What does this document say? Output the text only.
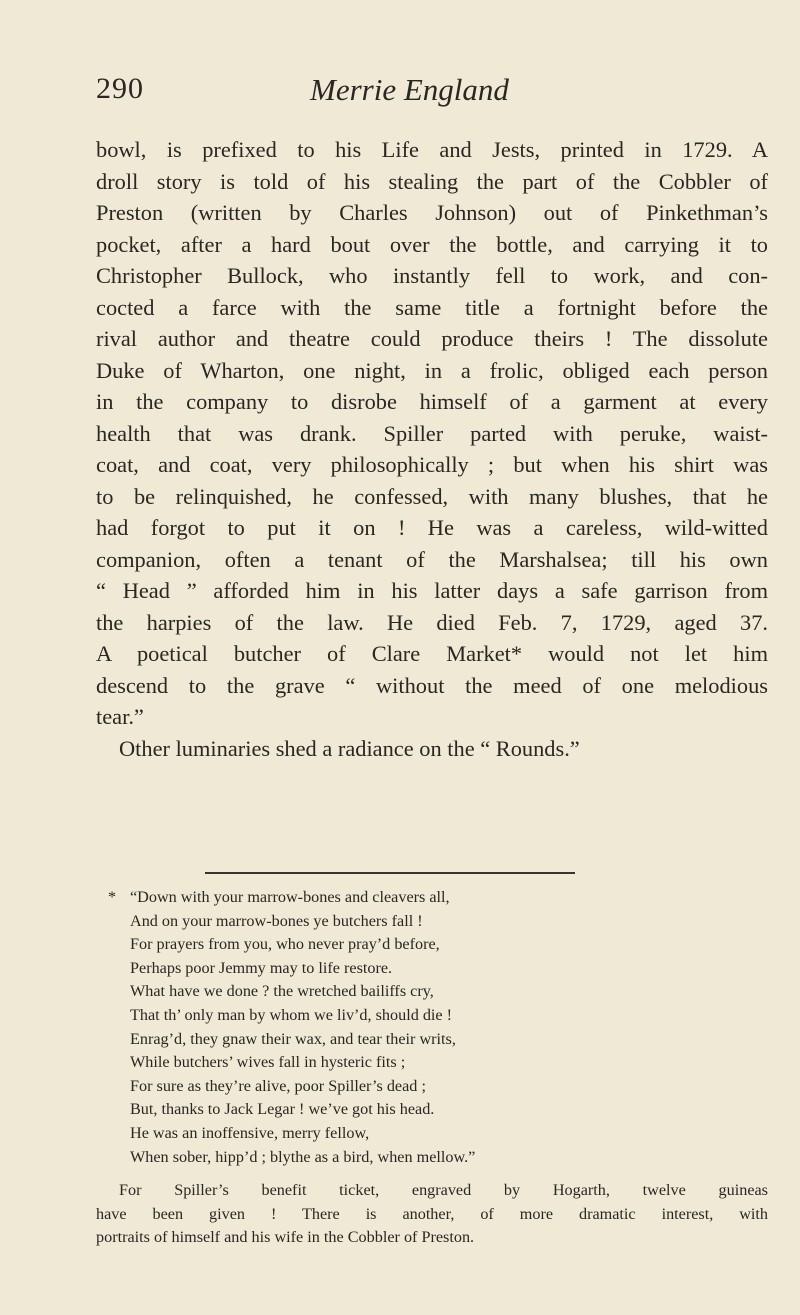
290	Merrie England
bowl, is prefixed to his Life and Jests, printed in 1729. A
droll story is told of his stealing the part of the Cobbler of
Preston (written by Charles Johnson) out of Pinkethman’s
pocket, after a hard bout over the bottle, and carrying it to
Christopher Bullock, who instantly fell to work, and con-
cocted a farce with the same title a fortnight before the
rival author and theatre could produce theirs ! The dissolute
Duke of Wharton, one night, in a frolic, obliged each person
in the company to disrobe himself of a garment at every
health that was drank. Spiller parted with peruke, waist-
coat, and coat, very philosophically ; but when his shirt was
to be relinquished, he confessed, with many blushes, that he
had forgot to put it on ! He was a careless, wild-witted
companion, often a tenant of the Marshalsea; till his own
“ Head ” afforded him in his latter days a safe garrison from
the harpies of the law. He died Feb. 7, 1729, aged 37.
A poetical butcher of Clare Market* would not let him
descend to the grave “ without the meed of one melodious
tear.”
Other luminaries shed a radiance on the “ Rounds.”
* “Down with your marrow-bones and cleavers all,
And on your marrow-bones ye butchers fall !
For prayers from you, who never pray’d before,
Perhaps poor Jemmy may to life restore.
What have we done ? the wretched bailiffs cry,
That th’ only man by whom we liv’d, should die !
Enrag’d, they gnaw their wax, and tear their writs,
While butchers’ wives fall in hysteric fits ;
For sure as they’re alive, poor Spiller’s dead ;
But, thanks to Jack Legar ! we’ve got his head.
He was an inoffensive, merry fellow,
When sober, hipp’d ; blythe as a bird, when mellow.”
For Spiller’s benefit ticket, engraved by Hogarth, twelve guineas
have been given ! There is another, of more dramatic interest, with
portraits of himself and his wife in the Cobbler of Preston.
